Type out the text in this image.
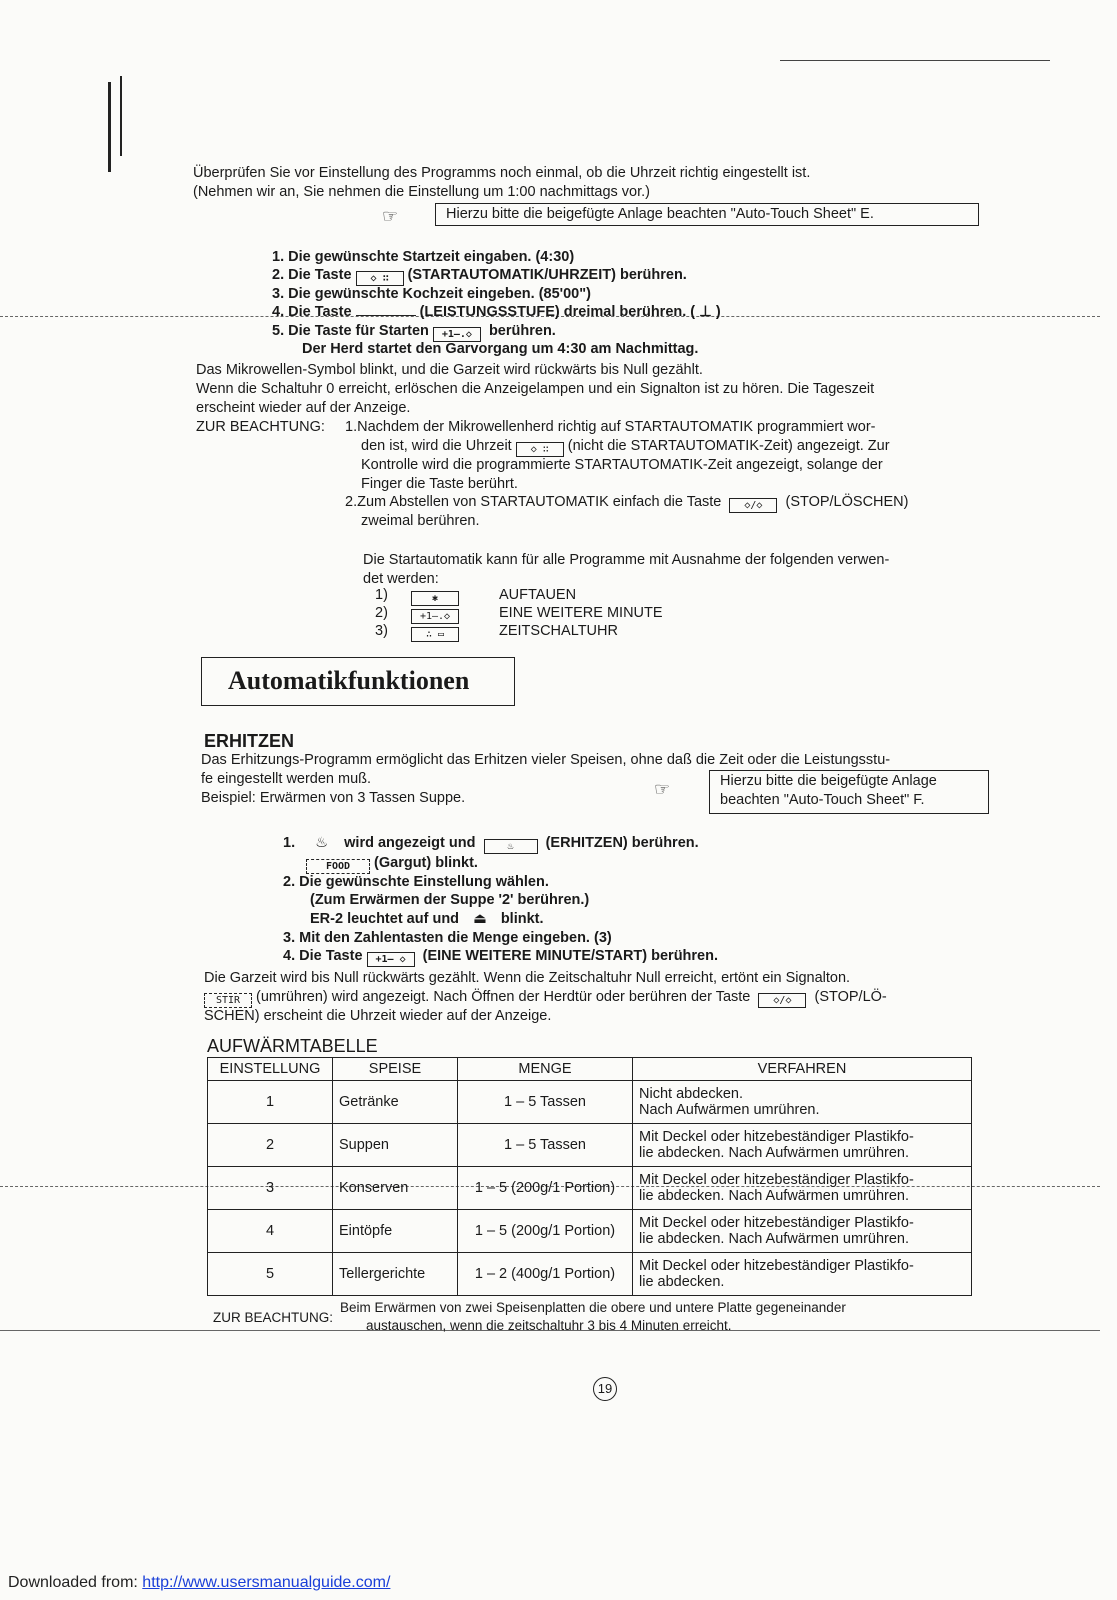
Überprüfen Sie vor Einstellung des Programms noch einmal, ob die Uhrzeit richtig eingestellt ist.
(Nehmen wir an, Sie nehmen die Einstellung um 1:00 nachmittags vor.)
☞	Hierzu bitte die beigefügte Anlage beachten "Auto-Touch Sheet" E.
1. Die gewünschte Startzeit eingaben. (4:30)
2. Die Taste ◇ ∷ (STARTAUTOMATIK/UHRZEIT) berühren.
3. Die gewünschte Kochzeit eingeben. (85'00")
4. Die Taste	(LEISTUNGSSTUFE) dreimal berühren. ( ⊥ )
5. Die Taste für Starten +1‒.◇ berühren.
Der Herd startet den Garvorgang um 4:30 am Nachmittag.
Das Mikrowellen-Symbol blinkt, und die Garzeit wird rückwärts bis Null gezählt.
Wenn die Schaltuhr 0 erreicht, erlöschen die Anzeigelampen und ein Signalton ist zu hören. Die Tageszeit
erscheint wieder auf der Anzeige.
ZUR BEACHTUNG: 1.Nachdem der Mikrowellenherd richtig auf STARTAUTOMATIK programmiert wor-
den ist, wird die Uhrzeit ◇ ∷ (nicht die STARTAUTOMATIK-Zeit) angezeigt. Zur
Kontrolle wird die programmierte STARTAUTOMATIK-Zeit angezeigt, solange der
Finger die Taste berührt.
2.Zum Abstellen von STARTAUTOMATIK einfach die Taste ◇/◇ (STOP/LÖSCHEN)
zweimal berühren.
Die Startautomatik kann für alle Programme mit Ausnahme der folgenden verwen-
det werden:
1)	✱	AUFTAUEN
2)	+1‒.◇	EINE WEITERE MINUTE
3)	∴ ▭	ZEITSCHALTUHR
Automatikfunktionen
ERHITZEN
Das Erhitzungs-Programm ermöglicht das Erhitzen vieler Speisen, ohne daß die Zeit oder die Leistungsstu-
fe eingestellt werden muß.
Beispiel: Erwärmen von 3 Tassen Suppe.	☞	Hierzu bitte die beigefügte Anlage
beachten "Auto-Touch Sheet" F.
1. ♨ wird angezeigt und	♨ (ERHITZEN) berühren.
FOOD (Gargut) blinkt.
2. Die gewünschte Einstellung wählen.
(Zum Erwärmen der Suppe '2' berühren.)
ER-2 leuchtet auf und ⏏ blinkt.
3. Mit den Zahlentasten die Menge eingeben. (3)
4. Die Taste +1‒ ◇ (EINE WEITERE MINUTE/START) berühren.
Die Garzeit wird bis Null rückwärts gezählt. Wenn die Zeitschaltuhr Null erreicht, ertönt ein Signalton.
STIR (umrühren) wird angezeigt. Nach Öffnen der Herdtür oder berühren der Taste ◇/◇ (STOP/LÖ-
SCHEN) erscheint die Uhrzeit wieder auf der Anzeige.
AUFWÄRMTABELLE
EINSTELLUNG	SPEISE	MENGE	VERFAHREN
1	Getränke	1 – 5 Tassen	Nicht abdecken.
Nach Aufwärmen umrühren.

2	Suppen	1 – 5 Tassen	Mit Deckel oder hitzebeständiger Plastikfo-
lie abdecken. Nach Aufwärmen umrühren.

3	Konserven	1 – 5 (200g/1 Portion)	Mit Deckel oder hitzebeständiger Plastikfo-
lie abdecken. Nach Aufwärmen umrühren.

4	Eintöpfe	1 – 5 (200g/1 Portion)	Mit Deckel oder hitzebeständiger Plastikfo-
lie abdecken. Nach Aufwärmen umrühren.

5	Tellergerichte	1 – 2 (400g/1 Portion)	Mit Deckel oder hitzebeständiger Plastikfo-
lie abdecken.
ZUR BEACHTUNG:
Beim Erwärmen von zwei Speisenplatten die obere und untere Platte gegeneinander
austauschen, wenn die zeitschaltuhr 3 bis 4 Minuten erreicht.
19
Downloaded from: http://www.usersmanualguide.com/
